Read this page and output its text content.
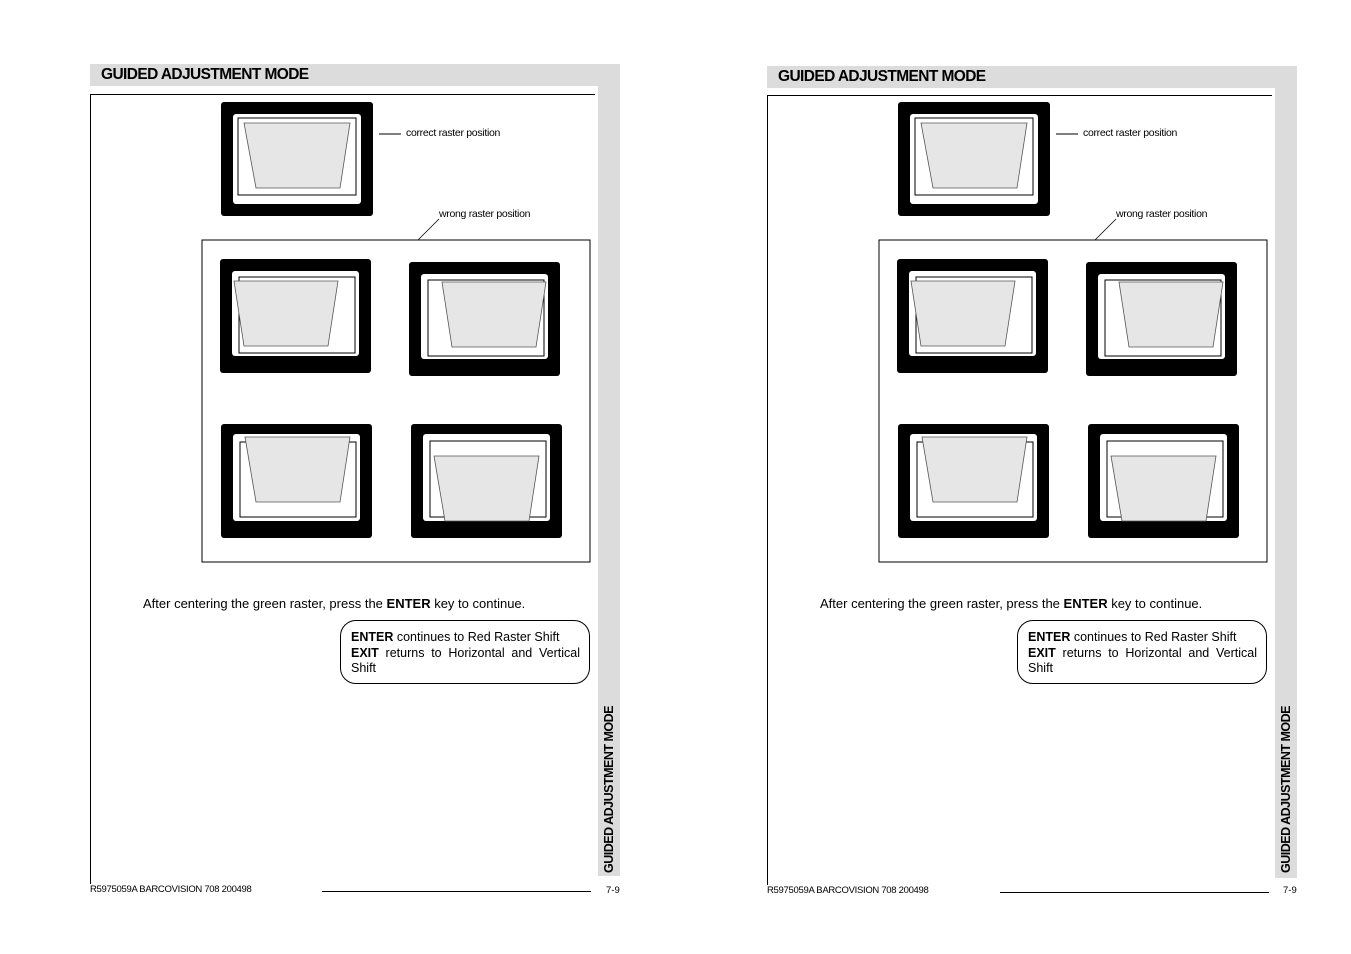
GUIDED ADJUSTMENT MODE
GUIDED ADJUSTMENT MODE
correct raster position
wrong raster position
After centering the green raster, press the ENTER key to continue.
ENTER continues to Red Raster Shift
EXIT returns to Horizontal and Vertical
Shift
R5975059A BARCOVISION 708 200498	7-9
GUIDED ADJUSTMENT MODE
GUIDED ADJUSTMENT MODE
correct raster position
wrong raster position
After centering the green raster, press the ENTER key to continue.
ENTER continues to Red Raster Shift
EXIT returns to Horizontal and Vertical
Shift
R5975059A BARCOVISION 708 200498	7-9
